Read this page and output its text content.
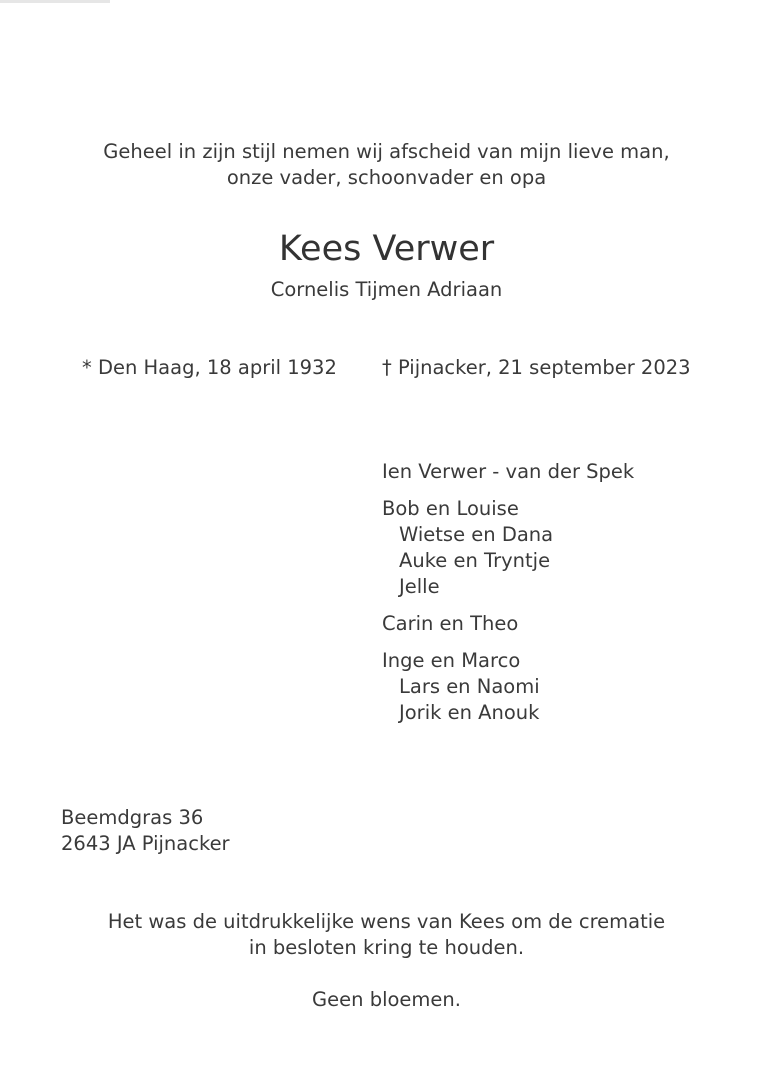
Geheel in zijn stijl nemen wij afscheid van mijn lieve man,
onze vader, schoonvader en opa
Kees Verwer
Cornelis Tijmen Adriaan
* Den Haag, 18 april 1932 † Pijnacker, 21 september 2023
Ien Verwer - van der Spek
Bob en Louise
Wietse en Dana
Auke en Tryntje
Jelle
Carin en Theo
Inge en Marco
Lars en Naomi
Jorik en Anouk
Beemdgras 36
2643 JA Pijnacker
Het was de uitdrukkelijke wens van Kees om de crematie
in besloten kring te houden.
Geen bloemen.
